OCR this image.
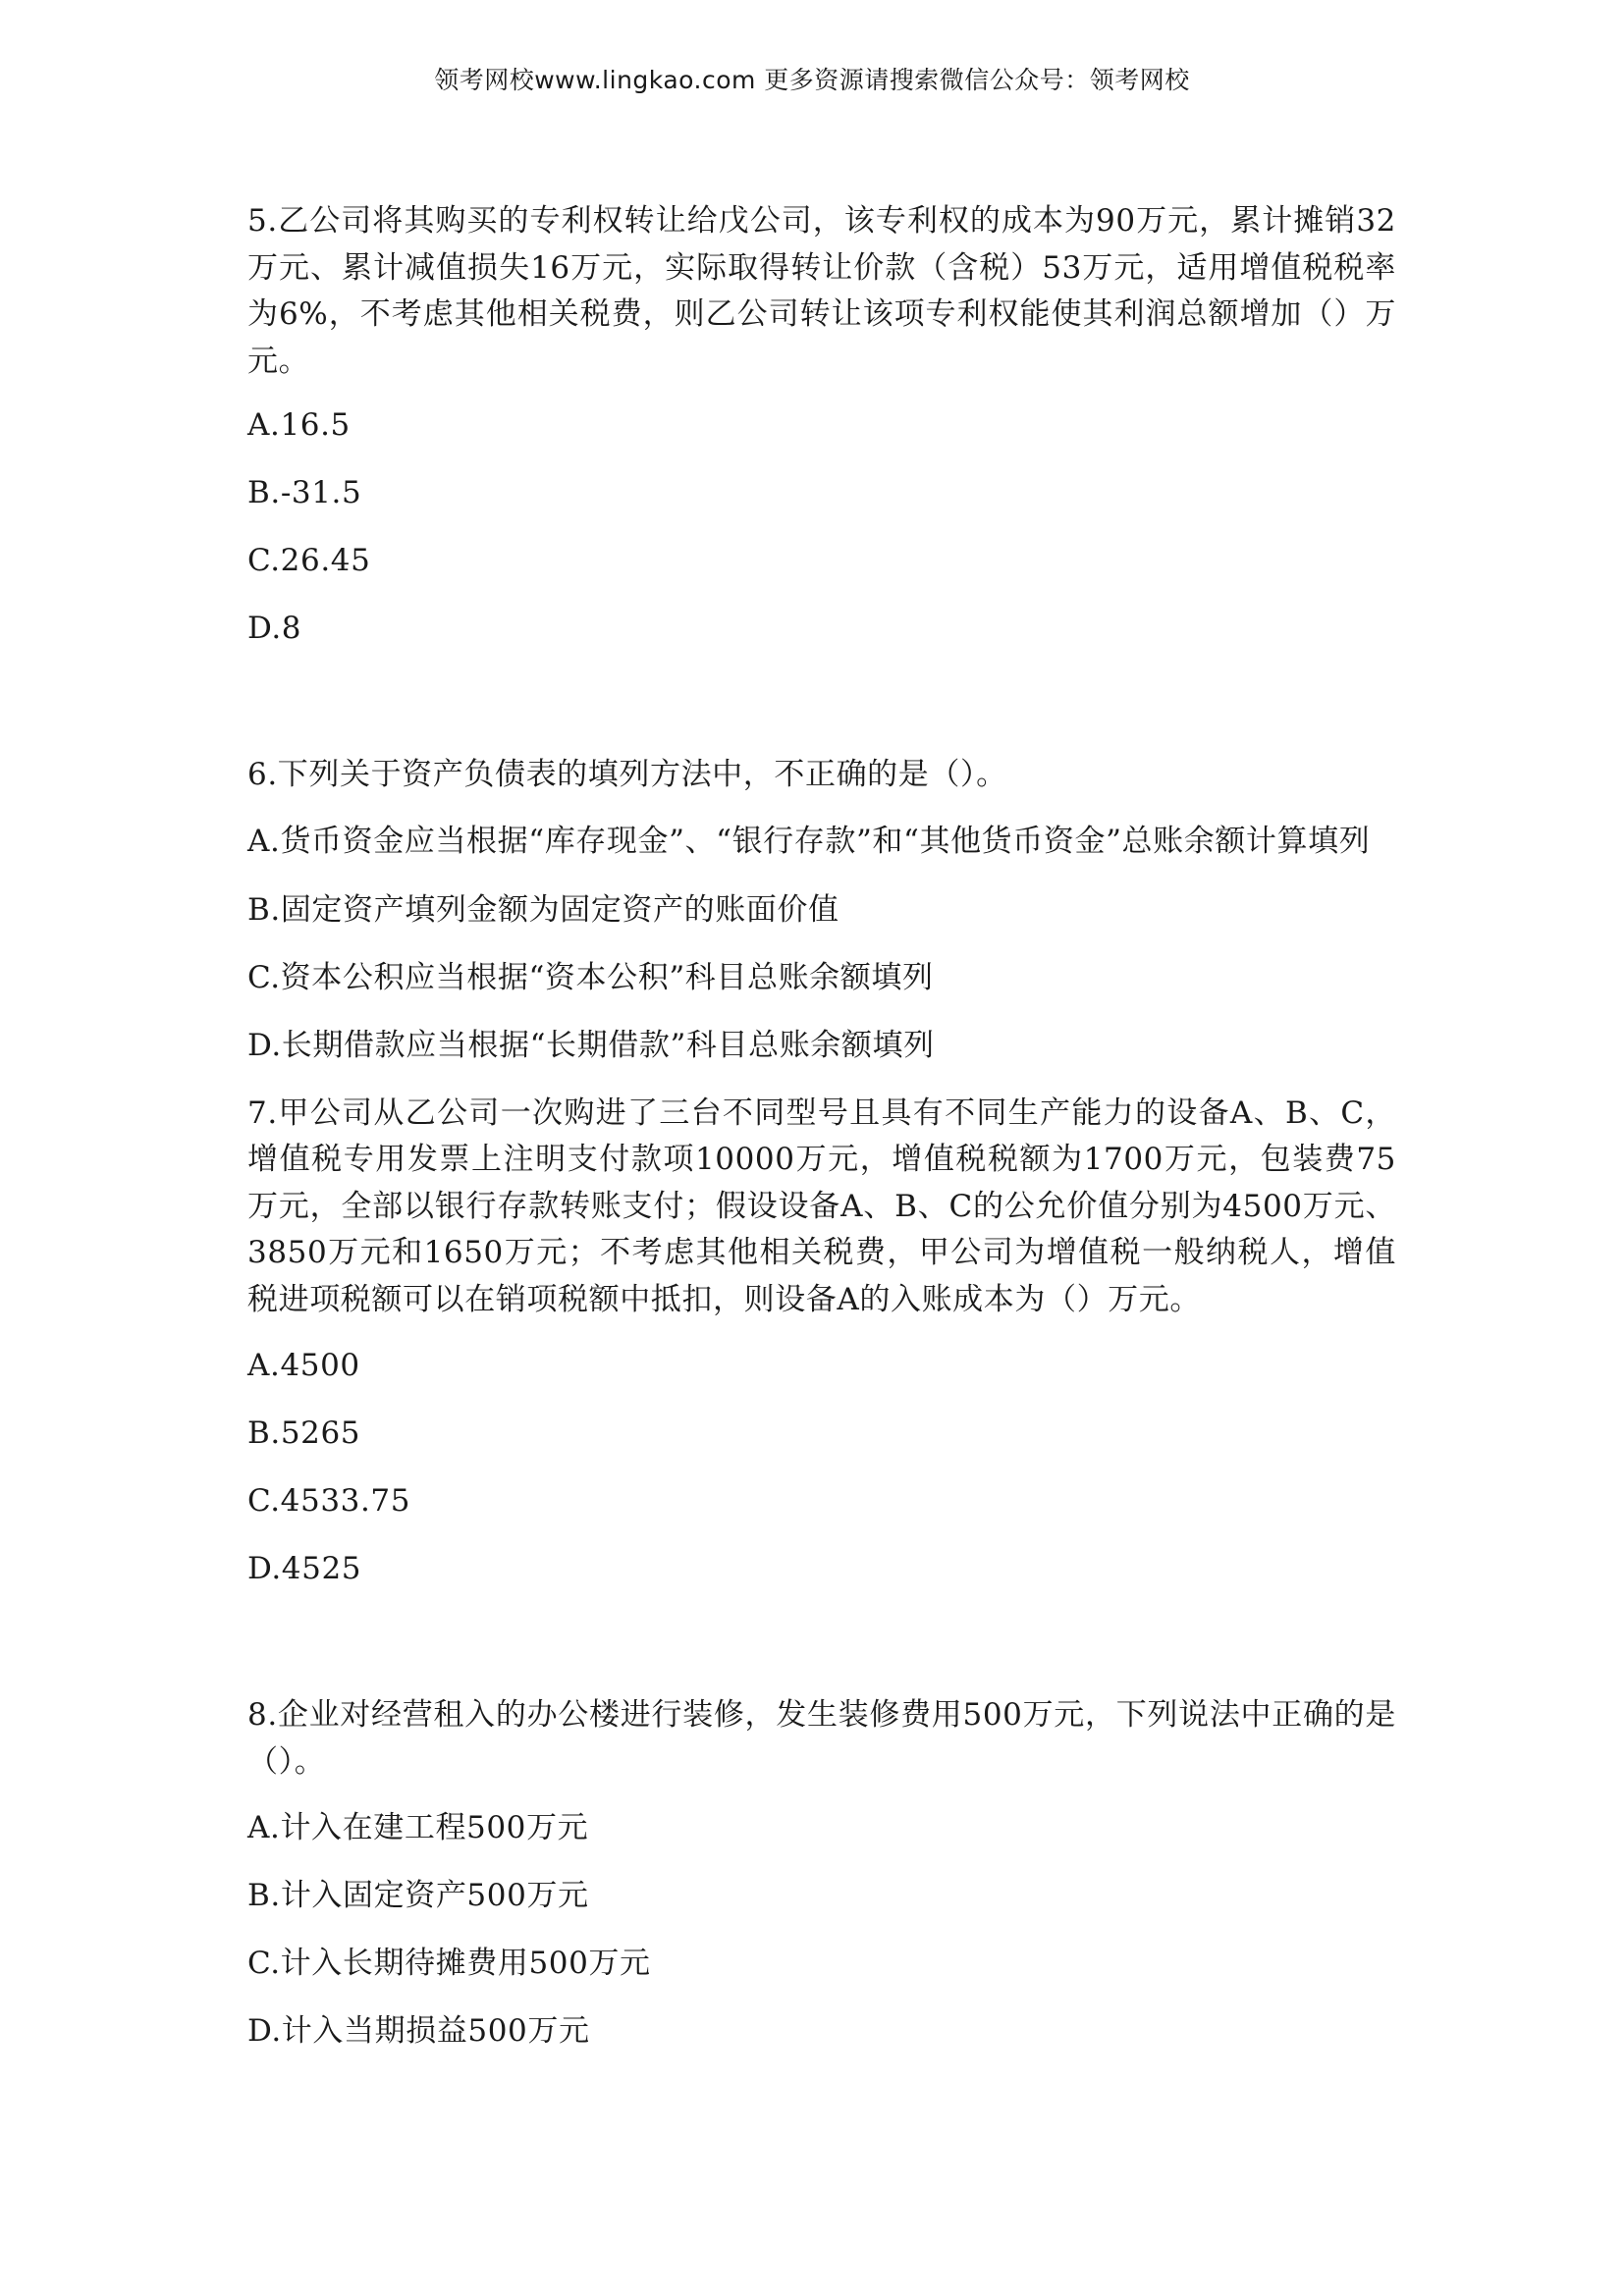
领考网校www.lingkao.com 更多资源请搜索微信公众号：领考网校

5.乙公司将其购买的专利权转让给戊公司，该专利权的成本为90万元，累计摊销32万元、累计减值损失16万元，实际取得转让价款（含税）53万元，适用增值税税率为6%，不考虑其他相关税费，则乙公司转让该项专利权能使其利润总额增加（）万元。

A.16.5
B.-31.5
C.26.45
D.8

6.下列关于资产负债表的填列方法中，不正确的是（）。

A.货币资金应当根据“库存现金”、“银行存款”和“其他货币资金”总账余额计算填列
B.固定资产填列金额为固定资产的账面价值
C.资本公积应当根据“资本公积”科目总账余额填列
D.长期借款应当根据“长期借款”科目总账余额填列

7.甲公司从乙公司一次购进了三台不同型号且具有不同生产能力的设备A、B、C，增值税专用发票上注明支付款项10000万元，增值税税额为1700万元，包装费75万元，全部以银行存款转账支付；假设设备A、B、C的公允价值分别为4500万元、3850万元和1650万元；不考虑其他相关税费，甲公司为增值税一般纳税人，增值税进项税额可以在销项税额中抵扣，则设备A的入账成本为（）万元。

A.4500
B.5265
C.4533.75
D.4525

8.企业对经营租入的办公楼进行装修，发生装修费用500万元，下列说法中正确的是（）。

A.计入在建工程500万元
B.计入固定资产500万元
C.计入长期待摊费用500万元
D.计入当期损益500万元
